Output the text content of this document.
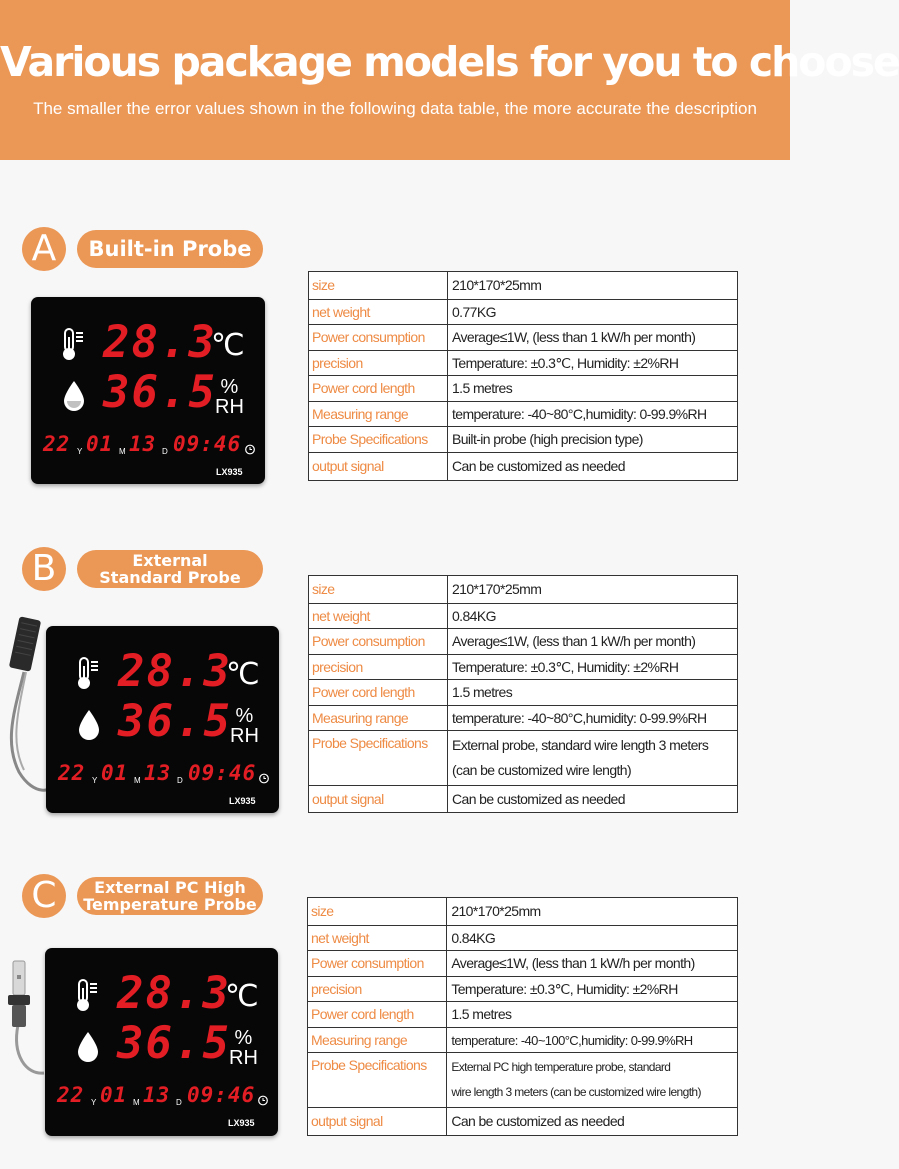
Various package models for you to choose

The smaller the error values shown in the following data table, the more accurate the description

A	Built-in Probe
28.3
℃
36.5 %
RH
22 Y 01 M 13 D 09:46
LX935
size	210*170*25mm
net weight	0.77KG
Power consumption	Average≤1W, (less than 1 kW/h per month)
precision	Temperature: ±0.3℃, Humidity: ±2%RH
Power cord length	1.5 metres
Measuring range	temperature: -40~80°C,humidity: 0-99.9%RH
Probe Specifications	Built-in probe (high precision type)
output signal	Can be customized as needed
B	External
Standard Probe
28.3
℃
36.5 %
RH
22 Y 01 M 13 D 09:46
LX935
size	210*170*25mm
net weight	0.84KG
Power consumption	Average≤1W, (less than 1 kW/h per month)
precision	Temperature: ±0.3℃, Humidity: ±2%RH
Power cord length	1.5 metres
Measuring range	temperature: -40~80°C,humidity: 0-99.9%RH
Probe Specifications	External probe, standard wire length 3 meters
(can be customized wire length)

output signal	Can be customized as needed
C	External PC High
Temperature Probe
28.3
℃
36.5 %
RH
22 Y 01 M 13 D 09:46
LX935
size	210*170*25mm
net weight	0.84KG
Power consumption	Average≤1W, (less than 1 kW/h per month)
precision	Temperature: ±0.3℃, Humidity: ±2%RH
Power cord length	1.5 metres
Measuring range	temperature: -40~100°C,humidity: 0-99.9%RH
Probe Specifications	External PC high temperature probe, standard
wire length 3 meters (can be customized wire length)

output signal	Can be customized as needed
